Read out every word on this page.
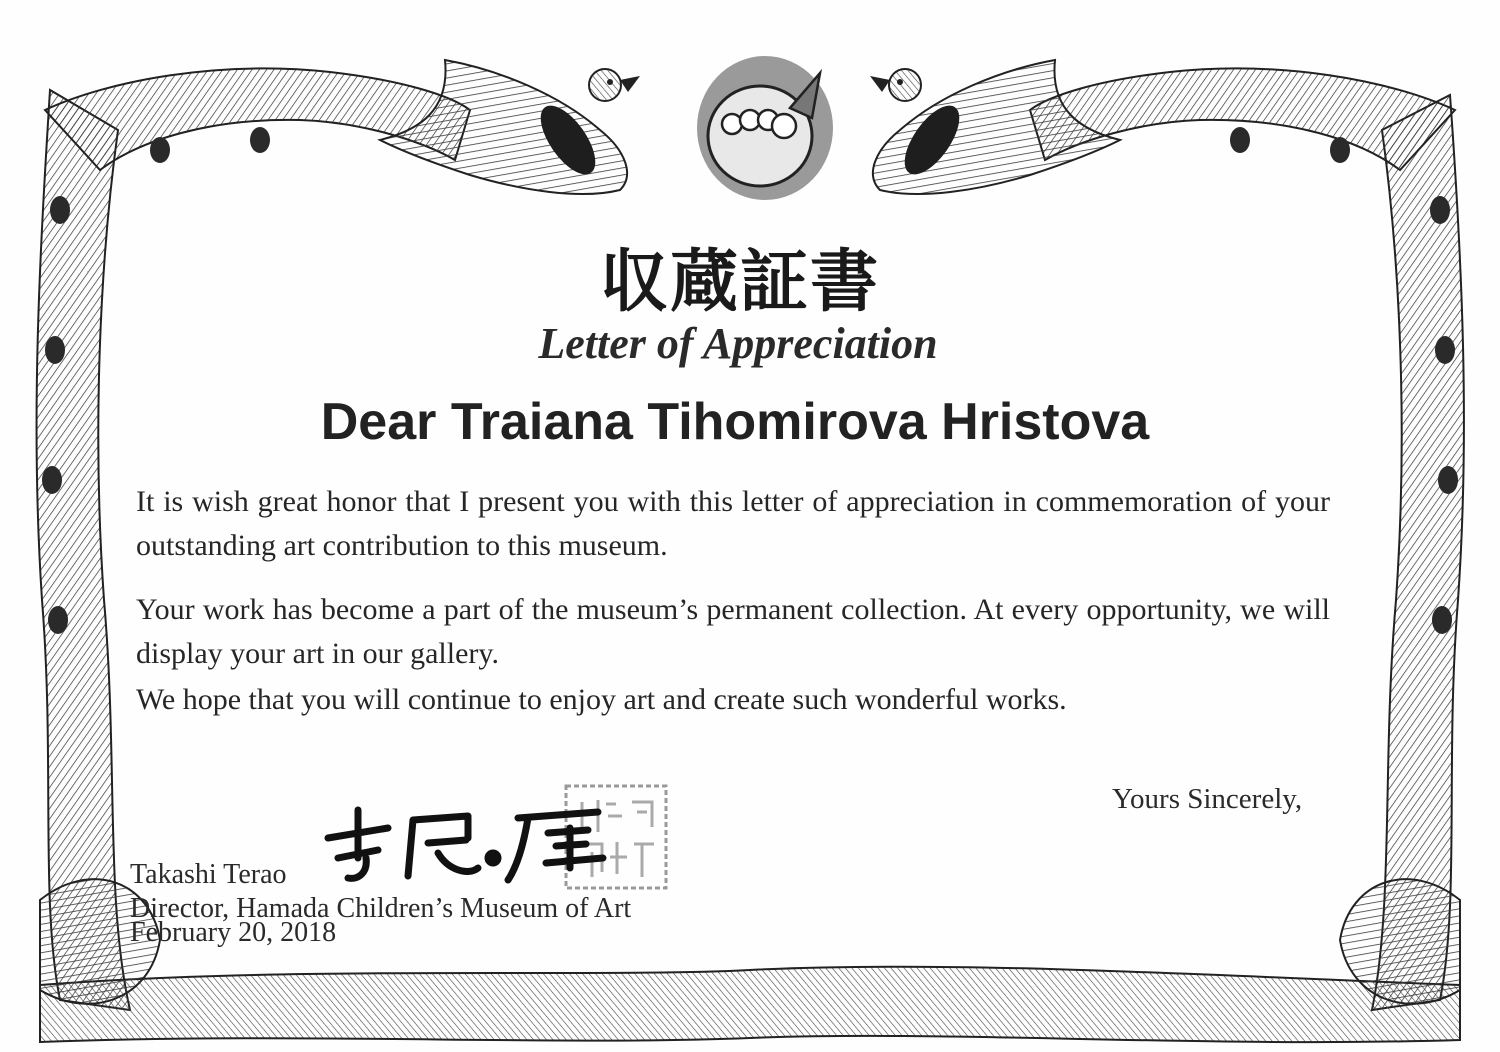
収蔵証書
Letter of Appreciation
Dear Traiana Tihomirova Hristova
It is wish great honor that I present you with this letter of appreciation in commemoration of your outstanding art contribution to this museum.
Your work has become a part of the museum’s permanent collection. At every opportunity, we will display your art in our gallery.
We hope that you will continue to enjoy art and create such wonderful works.
Yours Sincerely,
Takashi Terao
Director, Hamada Children’s Museum of Art
February 20, 2018
